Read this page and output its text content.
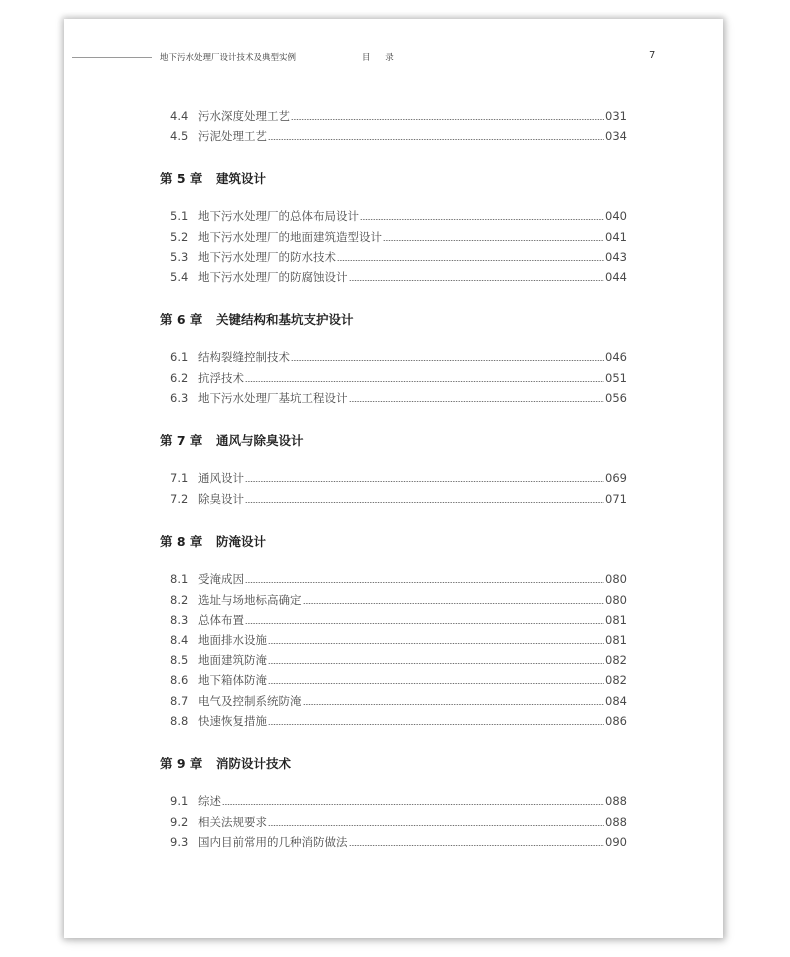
地下污水处理厂设计技术及典型实例	目 录	7
4.4 污水深度处理工艺	031
4.5 污泥处理工艺	034
第 5 章 建筑设计
5.1 地下污水处理厂的总体布局设计	040
5.2 地下污水处理厂的地面建筑造型设计	041
5.3 地下污水处理厂的防水技术	043
5.4 地下污水处理厂的防腐蚀设计	044
第 6 章 关键结构和基坑支护设计
6.1 结构裂缝控制技术	046
6.2 抗浮技术	051
6.3 地下污水处理厂基坑工程设计	056
第 7 章 通风与除臭设计
7.1 通风设计	069
7.2 除臭设计	071
第 8 章 防淹设计
8.1 受淹成因	080
8.2 选址与场地标高确定	080
8.3 总体布置	081
8.4 地面排水设施	081
8.5 地面建筑防淹	082
8.6 地下箱体防淹	082
8.7 电气及控制系统防淹	084
8.8 快速恢复措施	086
第 9 章 消防设计技术
9.1 综述	088
9.2 相关法规要求	088
9.3 国内目前常用的几种消防做法	090
